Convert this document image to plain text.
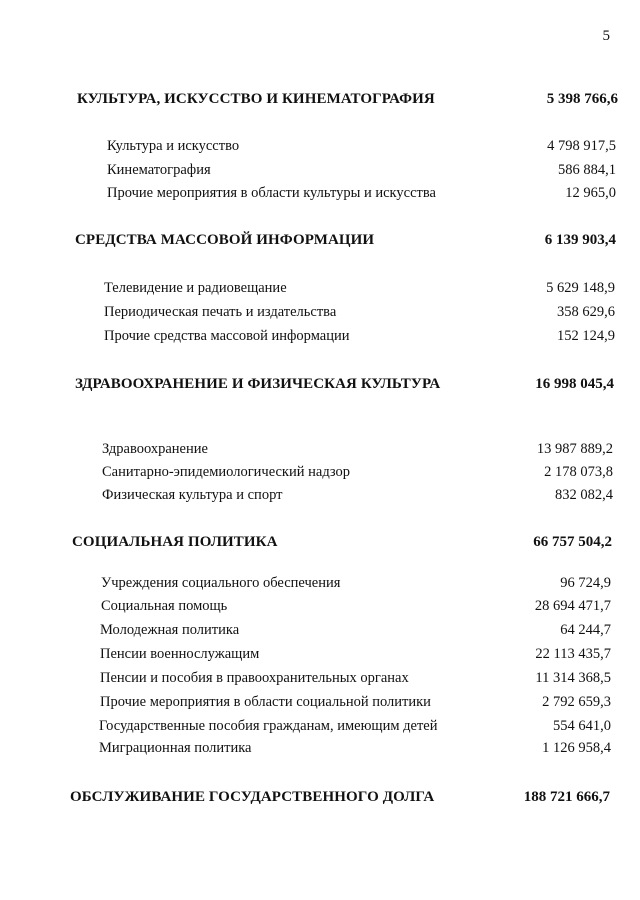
5
КУЛЬТУРА, ИСКУССТВО И КИНЕМАТОГРАФИЯ	5 398 766,6
Культура и искусство	4 798 917,5
Кинематография	586 884,1
Прочие мероприятия в области культуры и искусства	12 965,0
СРЕДСТВА МАССОВОЙ ИНФОРМАЦИИ	6 139 903,4
Телевидение и радиовещание	5 629 148,9
Периодическая печать и издательства	358 629,6
Прочие средства массовой информации	152 124,9
ЗДРАВООХРАНЕНИЕ И ФИЗИЧЕСКАЯ КУЛЬТУРА	16 998 045,4
Здравоохранение	13 987 889,2
Санитарно-эпидемиологический надзор	2 178 073,8
Физическая культура и спорт	832 082,4
СОЦИАЛЬНАЯ ПОЛИТИКА	66 757 504,2
Учреждения социального обеспечения	96 724,9
Социальная помощь	28 694 471,7
Молодежная политика	64 244,7
Пенсии военнослужащим	22 113 435,7
Пенсии и пособия в правоохранительных органах	11 314 368,5
Прочие мероприятия в области социальной политики	2 792 659,3
Государственные пособия гражданам, имеющим детей	554 641,0
Миграционная политика	1 126 958,4
ОБСЛУЖИВАНИЕ ГОСУДАРСТВЕННОГО ДОЛГА	188 721 666,7
